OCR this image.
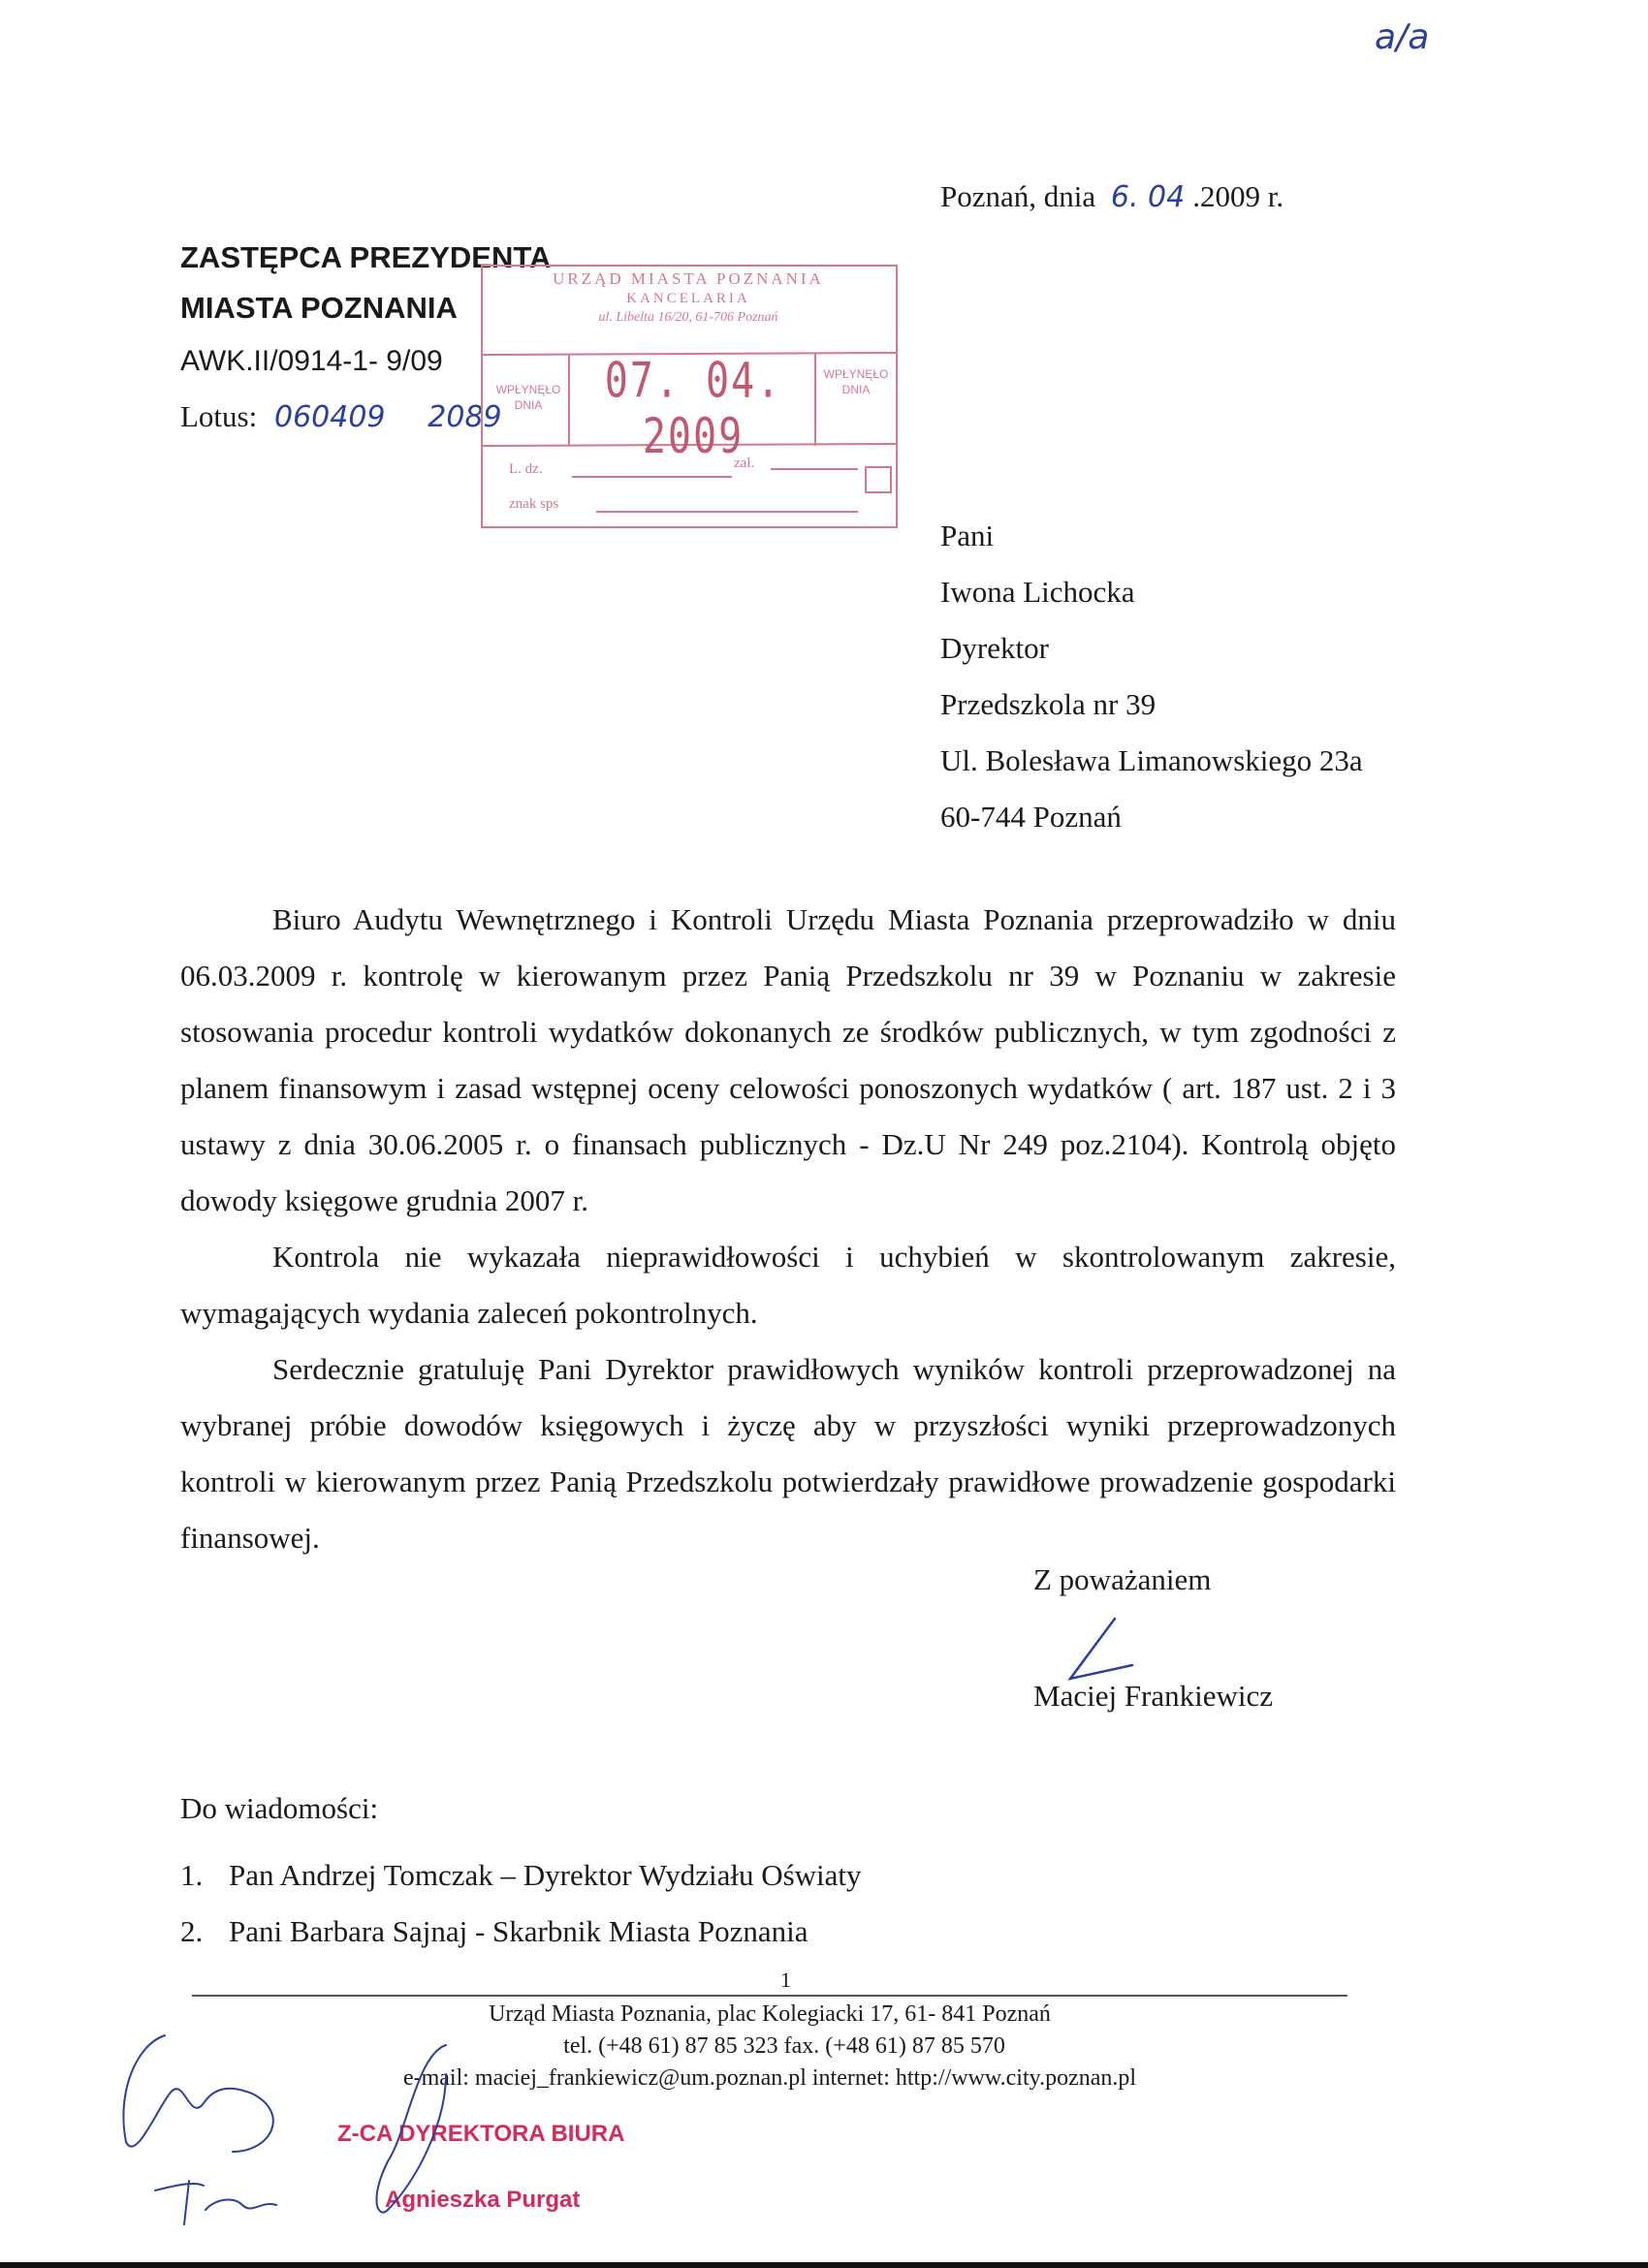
a/a
Poznań, dnia 6. 04 .2009 r.
ZASTĘPCA PREZYDENTA
MIASTA POZNANIA
AWK.II/0914-1- 9/09
Lotus: 060409 2089
URZĄD MIASTA POZNANIA
KANCELARIA
ul. Libelta 16/20, 61-706 Poznań
WPŁYNĘŁO
DNIA	07. 04. 2009
WPŁYNĘŁO
DNIA
L. dz.	zał.
znak sps
Pani
Iwona Lichocka
Dyrektor
Przedszkola nr 39
Ul. Bolesława Limanowskiego 23a
60-744 Poznań

Biuro Audytu Wewnętrznego i Kontroli Urzędu Miasta Poznania przeprowadziło w dniu 06.03.2009 r. kontrolę w kierowanym przez Panią Przedszkolu nr 39 w Poznaniu w zakresie stosowania procedur kontroli wydatków dokonanych ze środków publicznych, w tym zgodności z planem finansowym i zasad wstępnej oceny celowości ponoszonych wydatków ( art. 187 ust. 2 i 3 ustawy z dnia 30.06.2005 r. o finansach publicznych - Dz.U Nr 249 poz.2104). Kontrolą objęto dowody księgowe grudnia 2007 r.

Kontrola nie wykazała nieprawidłowości i uchybień w skontrolowanym zakresie, wymagających wydania zaleceń pokontrolnych.

Serdecznie gratuluję Pani Dyrektor prawidłowych wyników kontroli przeprowadzonej na wybranej próbie dowodów księgowych i życzę aby w przyszłości wyniki przeprowadzonych kontroli w kierowanym przez Panią Przedszkolu potwierdzały prawidłowe prowadzenie gospodarki finansowej.

Z poważaniem
Maciej Frankiewicz
Do wiadomości:
1. Pan Andrzej Tomczak – Dyrektor Wydziału Oświaty
2. Pani Barbara Sajnaj - Skarbnik Miasta Poznania
1
Urząd Miasta Poznania, plac Kolegiacki 17, 61- 841 Poznań
tel. (+48 61) 87 85 323 fax. (+48 61) 87 85 570
e-mail: maciej_frankiewicz@um.poznan.pl internet: http://www.city.poznan.pl
Z-CA DYREKTORA BIURA
Agnieszka Purgat
